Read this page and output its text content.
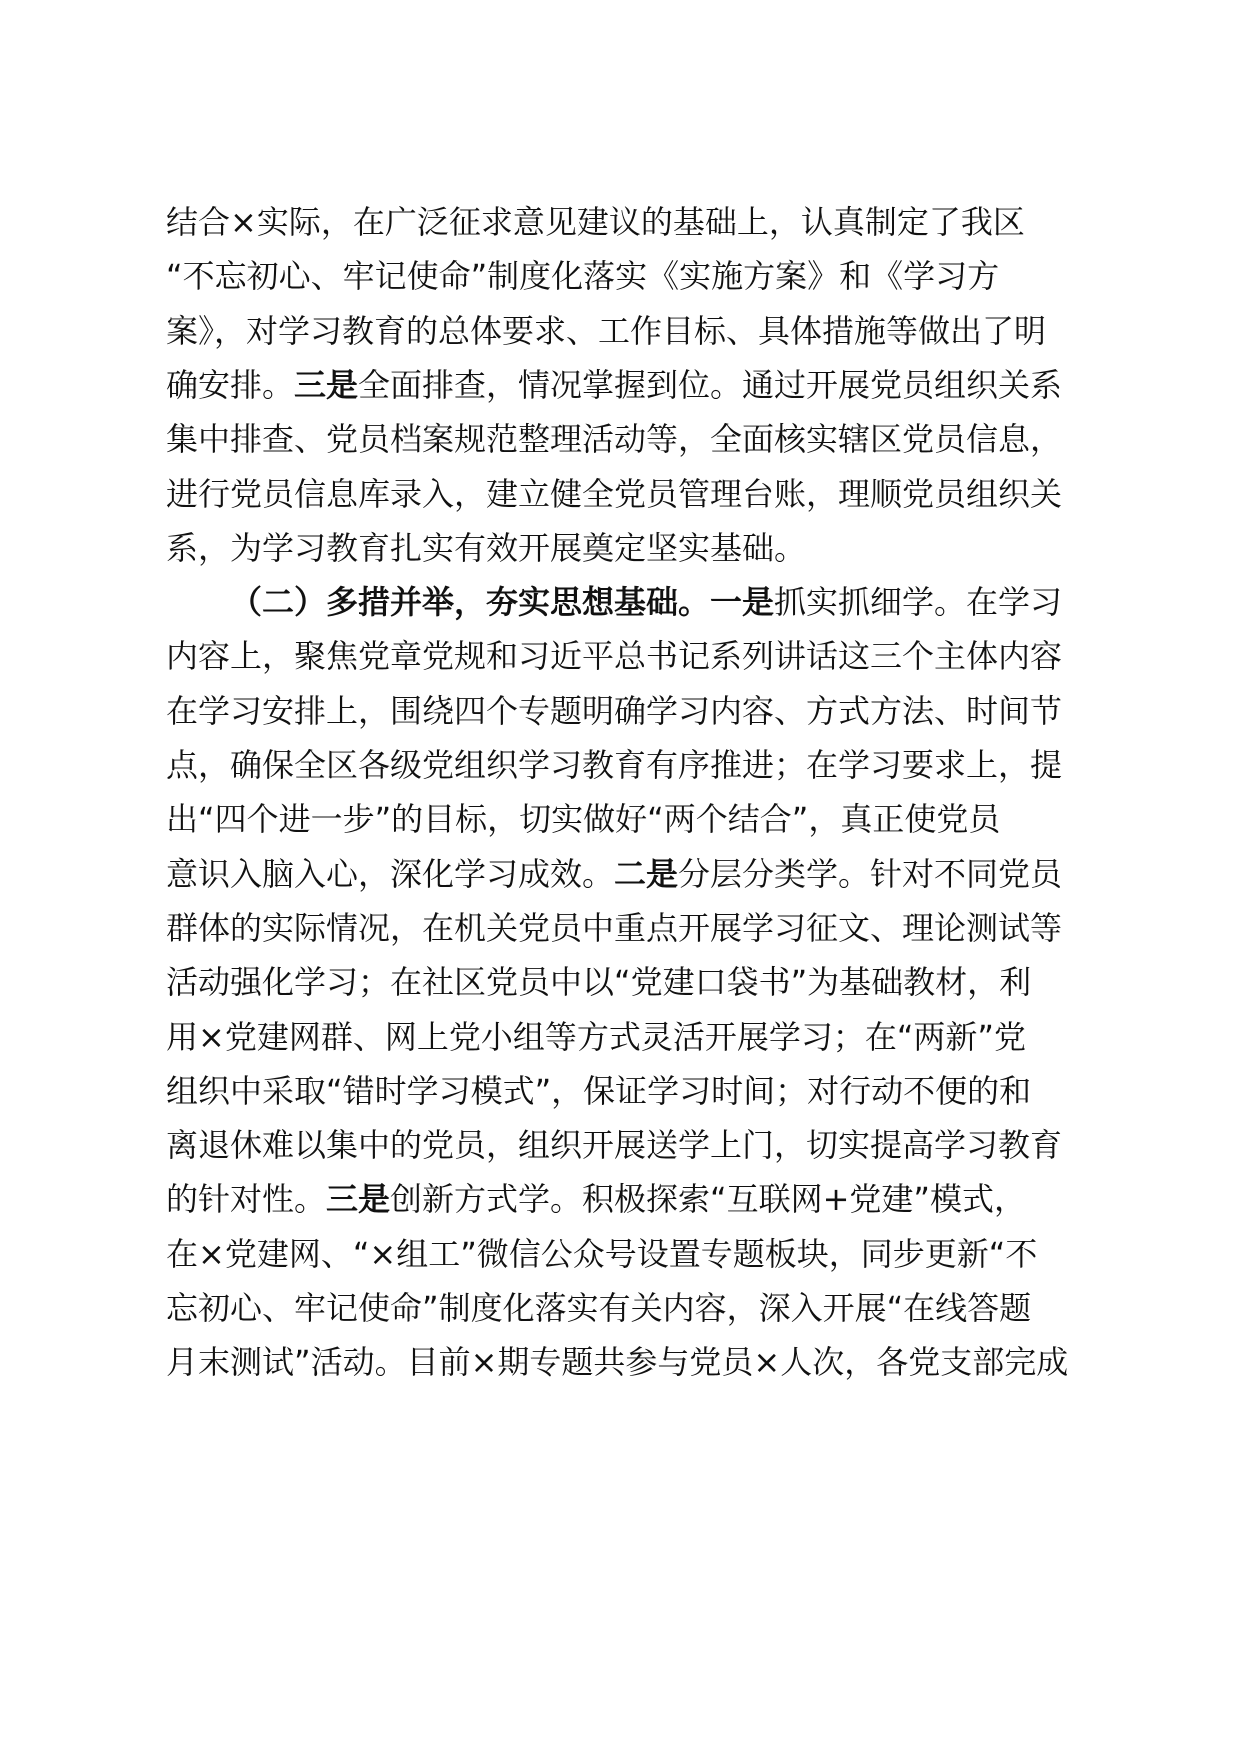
结合×实际，在广泛征求意见建议的基础上，认真制定了我区
“不忘初心、牢记使命”制度化落实《实施方案》和《学习方
案》，对学习教育的总体要求、工作目标、具体措施等做出了明
确安排。三是全面排查，情况掌握到位。通过开展党员组织关系
集中排查、党员档案规范整理活动等，全面核实辖区党员信息，
进行党员信息库录入，建立健全党员管理台账，理顺党员组织关
系，为学习教育扎实有效开展奠定坚实基础。
（二）多措并举，夯实思想基础。一是抓实抓细学。在学习
内容上，聚焦党章党规和习近平总书记系列讲话这三个主体内容
在学习安排上，围绕四个专题明确学习内容、方式方法、时间节
点，确保全区各级党组织学习教育有序推进；在学习要求上，提
出“四个进一步”的目标，切实做好“两个结合”，真正使党员
意识入脑入心，深化学习成效。二是分层分类学。针对不同党员
群体的实际情况，在机关党员中重点开展学习征文、理论测试等
活动强化学习；在社区党员中以“党建口袋书”为基础教材，利
用×党建网群、网上党小组等方式灵活开展学习；在“两新”党
组织中采取“错时学习模式”，保证学习时间；对行动不便的和
离退休难以集中的党员，组织开展送学上门，切实提高学习教育
的针对性。三是创新方式学。积极探索“互联网+党建”模式，
在×党建网、“×组工”微信公众号设置专题板块，同步更新“不
忘初心、牢记使命”制度化落实有关内容，深入开展“在线答题
月末测试”活动。目前×期专题共参与党员×人次，各党支部完成
